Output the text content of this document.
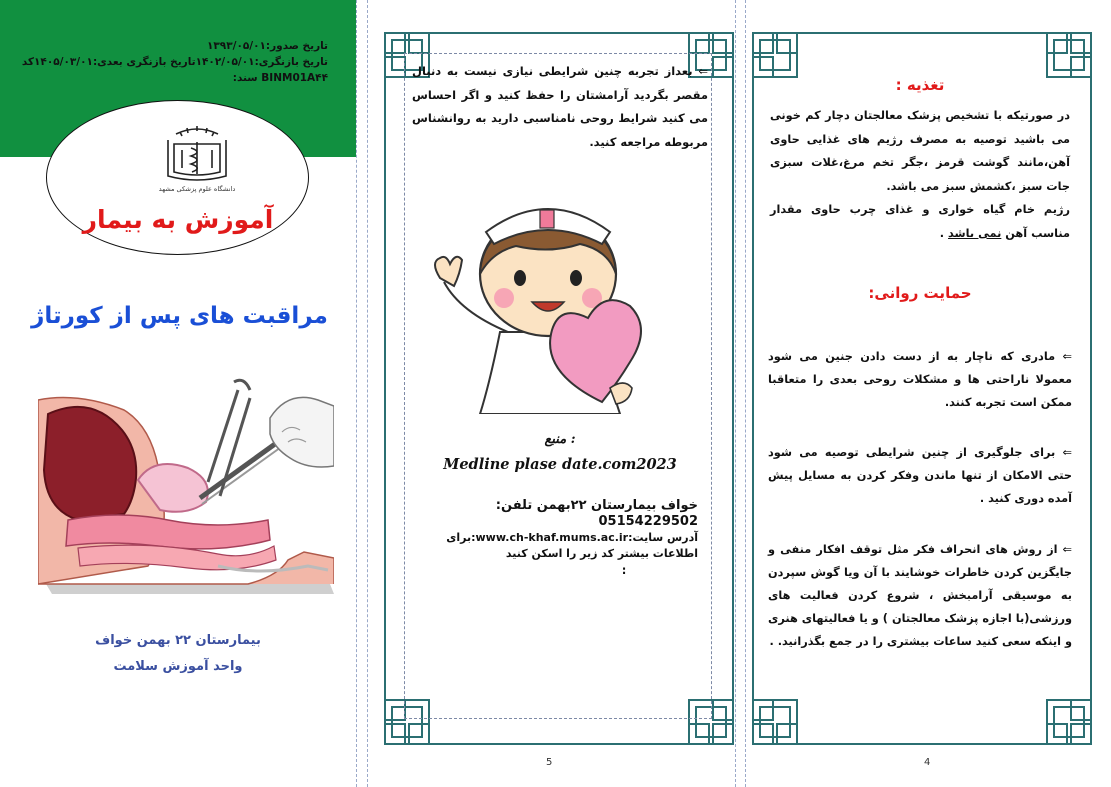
تاریخ صدور:۱۳۹۳/۰۵/۰۱
تاریخ بازنگری:۱۴۰۲/۰۵/۰۱تاریخ بازنگری بعدی:۱۴۰۵/۰۳/۰۱کد
BINM01A۴۴ سند:
دانشگاه علوم پزشکی مشهد
آموزش به بیمار
مراقبت های پس از کورتاژ
بیمارستان ۲۲ بهمن خواف
واحد آموزش سلامت
⇐ بعداز تجربه چنین شرایطی نیازی نیست به دنبال مقصر بگردید آرامشتان را حفظ کنید و اگر احساس می کنید شرایط روحی نامناسبی دارید به روانشناس مربوطه مراجعه کنید.
منبع :
Medline plase date.com2023
خواف بیمارستان ۲۲بهمن تلفن: 05154229502
آدرس سایت:www.ch-khaf.mums.ac.ir:برای اطلاعات بیشتر کد زیر را اسکن کنید
:
5
تغذیه :
در صورتیکه با تشخیص پزشک معالجتان دچار کم خونی می باشید توصیه به مصرف رژیم های غذایی حاوی آهن،مانند گوشت قرمز ،جگر تخم مرغ،غلات سبزی جات سبز ،کشمش سبز می باشد.
رژیم خام گیاه خواری و غذای چرب حاوی مقدار مناسب آهن نمی باشد .
حمایت روانی:
⇐ مادری که ناچار به از دست دادن جنین می شود معمولا ناراحتی ها و مشکلات روحی بعدی را متعاقبا ممکن است تجربه کنند.
⇐ برای جلوگیری از چنین شرایطی توصیه می شود حتی الامکان از تنها ماندن وفکر کردن به مسایل پیش آمده دوری کنید .
⇐ از روش های انحراف فکر مثل توقف افکار منفی و جایگزین کردن خاطرات خوشایند با آن ویا گوش سپردن به موسیقی آرامبخش ، شروع کردن فعالیت های ورزشی(با اجازه پزشک معالجتان ) و یا فعالیتهای هنری و اینکه سعی کنید ساعات بیشتری را در جمع بگذرانید. .
4
